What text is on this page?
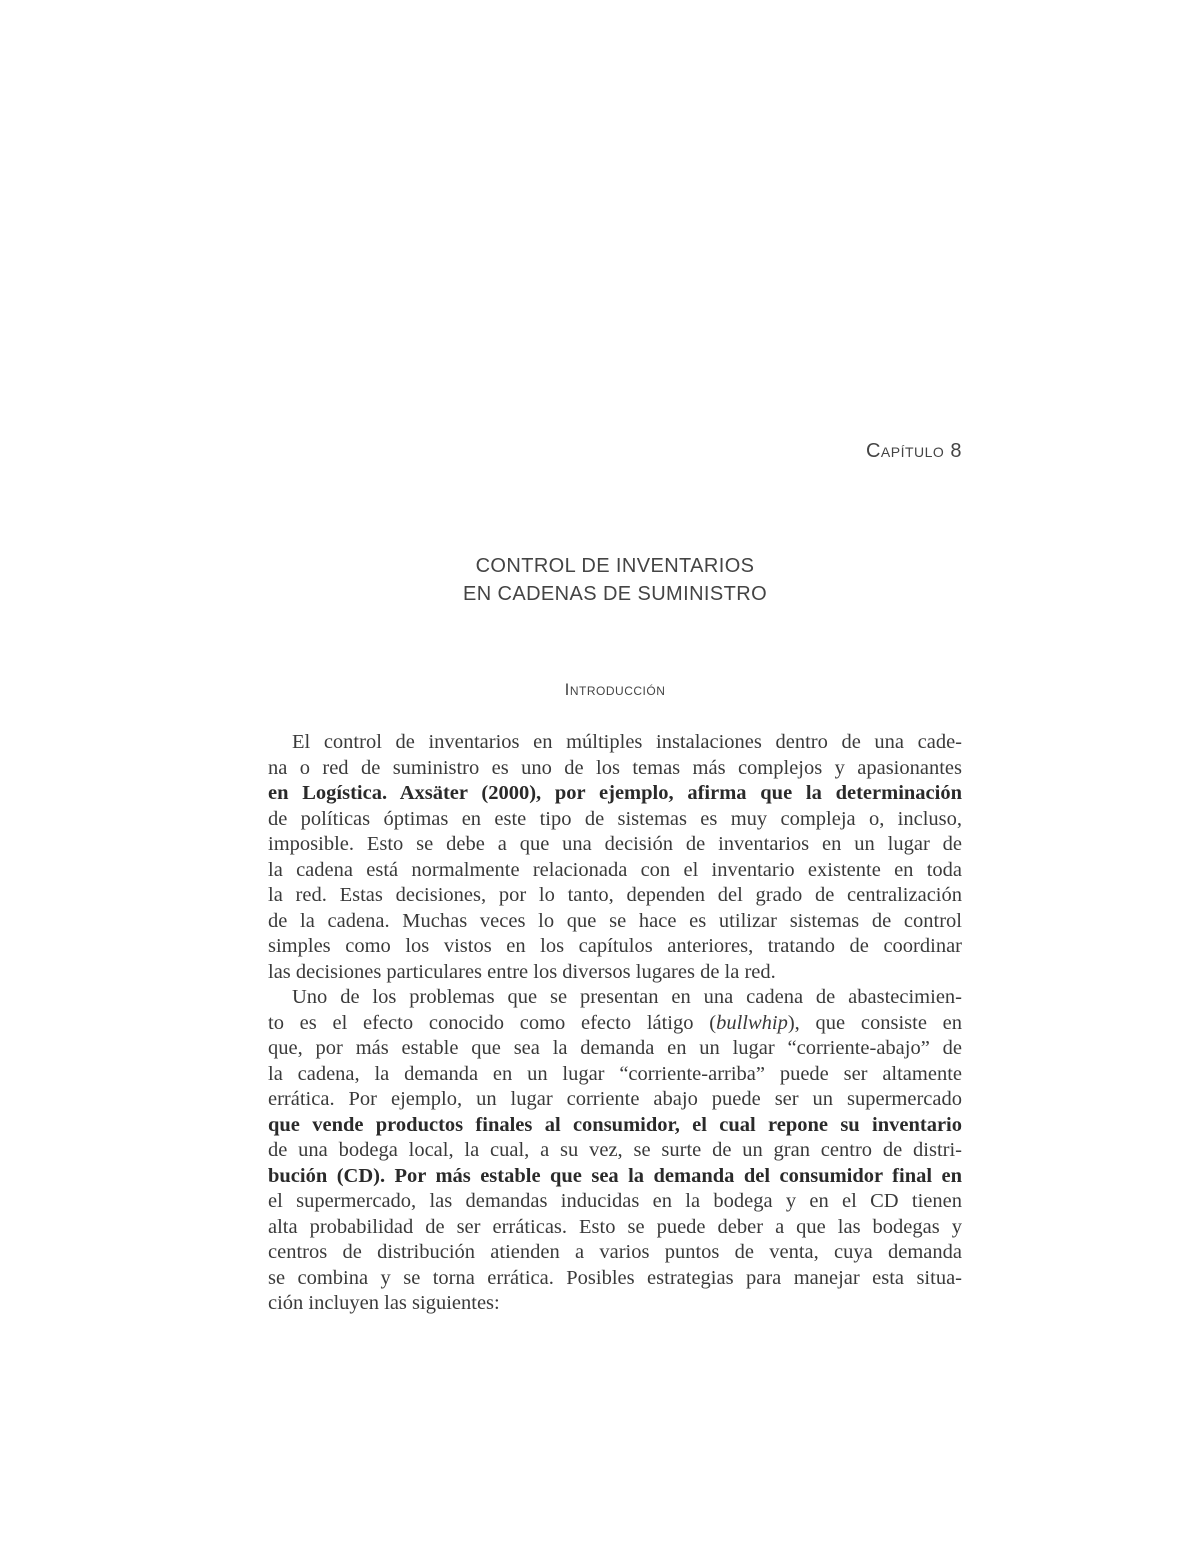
Capítulo 8
CONTROL DE INVENTARIOS
EN CADENAS DE SUMINISTRO
Introducción
El control de inventarios en múltiples instalaciones dentro de una cade-
na o red de suministro es uno de los temas más complejos y apasionantes
en Logística. Axsäter (2000), por ejemplo, afirma que la determinación
de políticas óptimas en este tipo de sistemas es muy compleja o, incluso,
imposible. Esto se debe a que una decisión de inventarios en un lugar de
la cadena está normalmente relacionada con el inventario existente en toda
la red. Estas decisiones, por lo tanto, dependen del grado de centralización
de la cadena. Muchas veces lo que se hace es utilizar sistemas de control
simples como los vistos en los capítulos anteriores, tratando de coordinar
las decisiones particulares entre los diversos lugares de la red.
Uno de los problemas que se presentan en una cadena de abastecimien-
to es el efecto conocido como efecto látigo (bullwhip), que consiste en
que, por más estable que sea la demanda en un lugar “corriente-abajo” de
la cadena, la demanda en un lugar “corriente-arriba” puede ser altamente
errática. Por ejemplo, un lugar corriente abajo puede ser un supermercado
que vende productos finales al consumidor, el cual repone su inventario
de una bodega local, la cual, a su vez, se surte de un gran centro de distri-
bución (CD). Por más estable que sea la demanda del consumidor final en
el supermercado, las demandas inducidas en la bodega y en el CD tienen
alta probabilidad de ser erráticas. Esto se puede deber a que las bodegas y
centros de distribución atienden a varios puntos de venta, cuya demanda
se combina y se torna errática. Posibles estrategias para manejar esta situa-
ción incluyen las siguientes:
